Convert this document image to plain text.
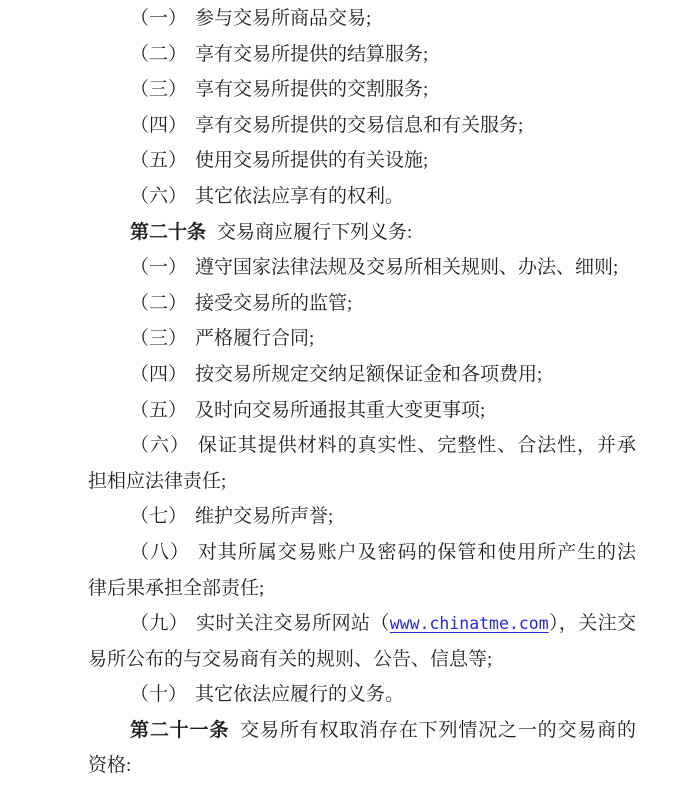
（一） 参与交易所商品交易;
（二） 享有交易所提供的结算服务;
（三） 享有交易所提供的交割服务;
（四） 享有交易所提供的交易信息和有关服务;
（五） 使用交易所提供的有关设施;
（六） 其它依法应享有的权利。
第二十条 交易商应履行下列义务:
（一） 遵守国家法律法规及交易所相关规则、办法、细则;
（二） 接受交易所的监管;
（三） 严格履行合同;
（四） 按交易所规定交纳足额保证金和各项费用;
（五） 及时向交易所通报其重大变更事项;
（六） 保证其提供材料的真实性、完整性、合法性，并承
担相应法律责任;
（七） 维护交易所声誉;
（八） 对其所属交易账户及密码的保管和使用所产生的法
律后果承担全部责任;
（九） 实时关注交易所网站（www.chinatme.com），关注交
易所公布的与交易商有关的规则、公告、信息等;
（十） 其它依法应履行的义务。
第二十一条 交易所有权取消存在下列情况之一的交易商的
资格:
